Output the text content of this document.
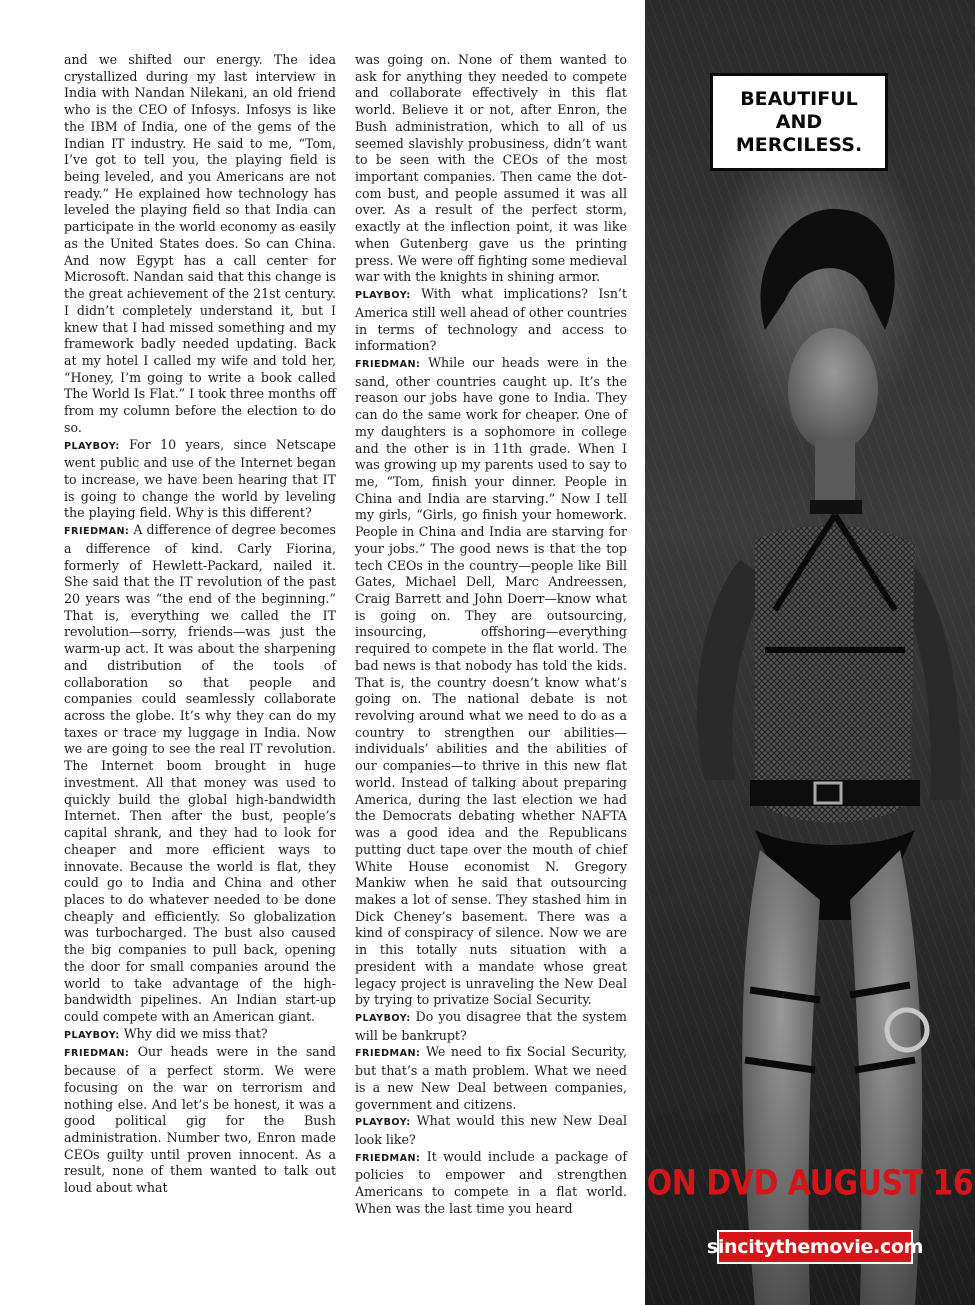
and we shifted our energy. The idea crystallized during my last interview in India with Nandan Nilekani, an old friend who is the CEO of Infosys. Infosys is like the IBM of India, one of the gems of the Indian IT industry. He said to me, “Tom, I’ve got to tell you, the playing field is being leveled, and you Americans are not ready.” He explained how technology has leveled the playing field so that India can participate in the world economy as easily as the United States does. So can China. And now Egypt has a call center for Microsoft. Nandan said that this change is the great achievement of the 21st century. I didn’t completely understand it, but I knew that I had missed something and my framework badly needed updating. Back at my hotel I called my wife and told her, “Honey, I’m going to write a book called The World Is Flat.” I took three months off from my column before the election to do so.

PLAYBOY: For 10 years, since Netscape went public and use of the Internet began to increase, we have been hearing that IT is going to change the world by leveling the playing field. Why is this different?

FRIEDMAN: A difference of degree becomes a difference of kind. Carly Fiorina, formerly of Hewlett-Packard, nailed it. She said that the IT revolution of the past 20 years was “the end of the beginning.” That is, everything we called the IT revolution—sorry, friends—was just the warm-up act. It was about the sharpening and distribution of the tools of collaboration so that people and companies could seamlessly collaborate across the globe. It’s why they can do my taxes or trace my luggage in India. Now we are going to see the real IT revolution. The Internet boom brought in huge investment. All that money was used to quickly build the global high-bandwidth Internet. Then after the bust, people’s capital shrank, and they had to look for cheaper and more efficient ways to innovate. Because the world is flat, they could go to India and China and other places to do whatever needed to be done cheaply and efficiently. So globalization was turbocharged. The bust also caused the big companies to pull back, opening the door for small companies around the world to take advantage of the high-bandwidth pipelines. An Indian start-up could compete with an American giant.

PLAYBOY: Why did we miss that?

FRIEDMAN: Our heads were in the sand because of a perfect storm. We were focusing on the war on terrorism and nothing else. And let’s be honest, it was a good political gig for the Bush administration. Number two, Enron made CEOs guilty until proven innocent. As a result, none of them wanted to talk out loud about what

was going on. None of them wanted to ask for anything they needed to compete and collaborate effectively in this flat world. Believe it or not, after Enron, the Bush administration, which to all of us seemed slavishly probusiness, didn’t want to be seen with the CEOs of the most important companies. Then came the dot-com bust, and people assumed it was all over. As a result of the perfect storm, exactly at the inflection point, it was like when Gutenberg gave us the printing press. We were off fighting some medieval war with the knights in shining armor.

PLAYBOY: With what implications? Isn’t America still well ahead of other countries in terms of technology and access to information?

FRIEDMAN: While our heads were in the sand, other countries caught up. It’s the reason our jobs have gone to India. They can do the same work for cheaper. One of my daughters is a sophomore in college and the other is in 11th grade. When I was growing up my parents used to say to me, “Tom, finish your dinner. People in China and India are starving.” Now I tell my girls, “Girls, go finish your homework. People in China and India are starving for your jobs.” The good news is that the top tech CEOs in the country—people like Bill Gates, Michael Dell, Marc Andreessen, Craig Barrett and John Doerr—know what is going on. They are outsourcing, insourcing, offshoring—everything required to compete in the flat world. The bad news is that nobody has told the kids. That is, the country doesn’t know what’s going on. The national debate is not revolving around what we need to do as a country to strengthen our abilities—individuals’ abilities and the abilities of our companies—to thrive in this new flat world. Instead of talking about preparing America, during the last election we had the Democrats debating whether NAFTA was a good idea and the Republicans putting duct tape over the mouth of chief White House economist N. Gregory Mankiw when he said that outsourcing makes a lot of sense. They stashed him in Dick Cheney’s basement. There was a kind of conspiracy of silence. Now we are in this totally nuts situation with a president with a mandate whose great legacy project is unraveling the New Deal by trying to privatize Social Security.

PLAYBOY: Do you disagree that the system will be bankrupt?

FRIEDMAN: We need to fix Social Security, but that’s a math problem. What we need is a new New Deal between companies, government and citizens.

PLAYBOY: What would this new New Deal look like?

FRIEDMAN: It would include a package of policies to empower and strengthen Americans to compete in a flat world. When was the last time you heard

BEAUTIFUL
AND
MERCILESS.
ON DVD AUGUST 16
sincitythemovie.com
